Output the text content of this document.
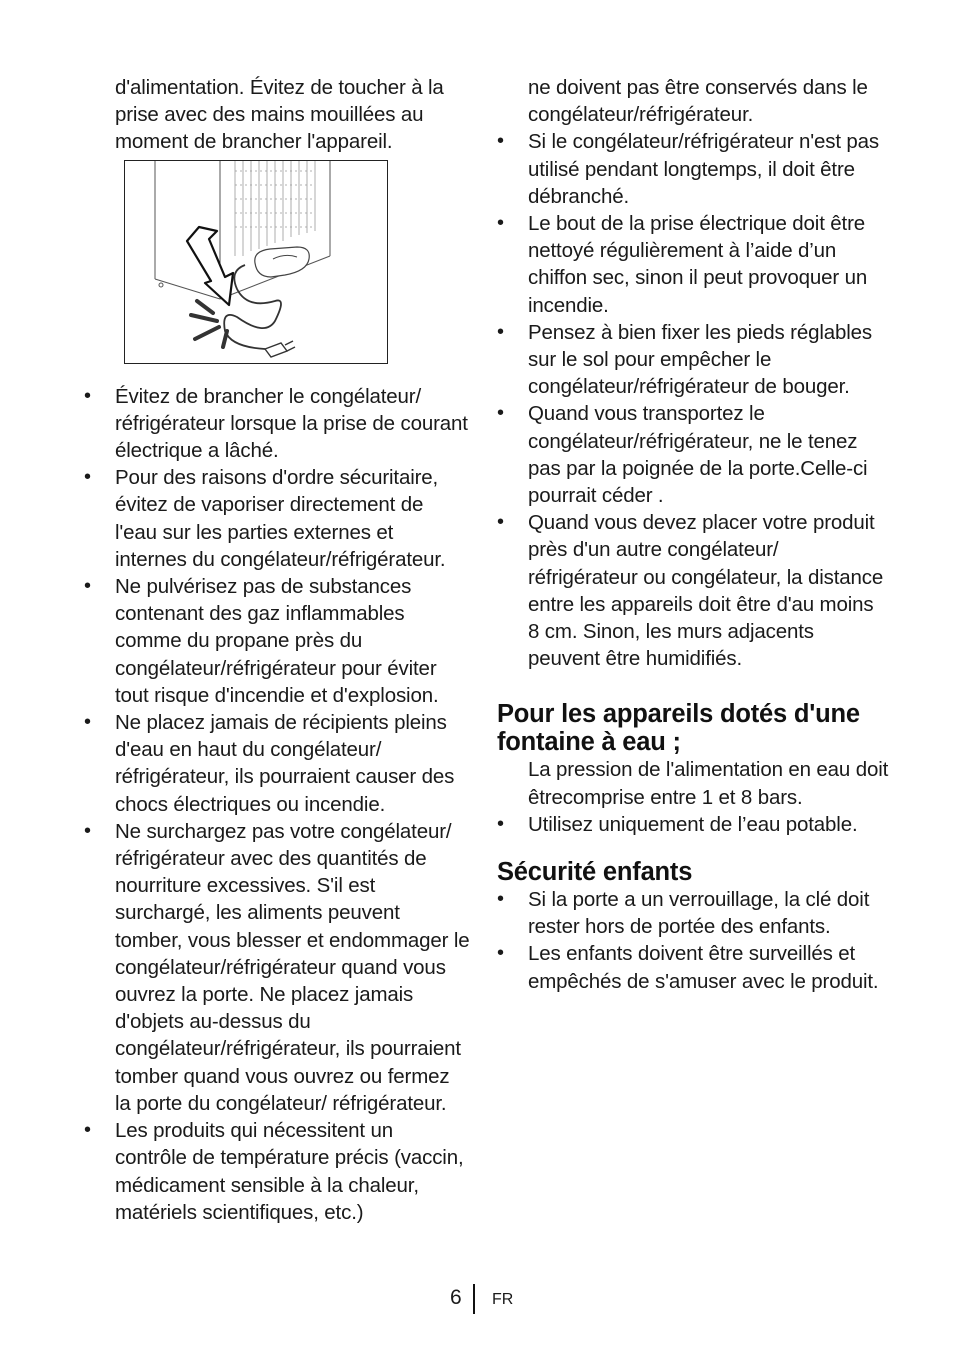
d'alimentation. Évitez de toucher à la prise avec des mains mouillées au moment de brancher l'appareil.

• Évitez de brancher le congélateur/ réfrigérateur lorsque la prise de courant électrique a lâché.
• Pour des raisons d'ordre sécuritaire, évitez de vaporiser directement de l'eau sur les parties externes et internes du congélateur/réfrigérateur.
• Ne pulvérisez pas de substances contenant des gaz inflammables comme du propane près du congélateur/réfrigérateur pour éviter tout risque d'incendie et d'explosion.
• Ne placez jamais de récipients pleins d'eau en haut du congélateur/ réfrigérateur, ils pourraient causer des chocs électriques ou incendie.
• Ne surchargez pas votre congélateur/ réfrigérateur avec des quantités de nourriture excessives. S'il est surchargé, les aliments peuvent tomber, vous blesser et endommager le congélateur/réfrigérateur quand vous ouvrez la porte. Ne placez jamais d'objets au-dessus du congélateur/réfrigérateur, ils pourraient tomber quand vous ouvrez ou fermez la porte du congélateur/ réfrigérateur.
• Les produits qui nécessitent un contrôle de température précis (vaccin, médicament sensible à la chaleur, matériels scientifiques, etc.)

ne doivent pas être conservés dans le congélateur/réfrigérateur.

• Si le congélateur/réfrigérateur n'est pas utilisé pendant longtemps, il doit être débranché.
• Le bout de la prise électrique doit être nettoyé régulièrement à l’aide d’un chiffon sec, sinon il peut provoquer un incendie.
• Pensez à bien fixer les pieds réglables sur le sol pour empêcher le congélateur/réfrigérateur de bouger.
• Quand vous transportez le congélateur/réfrigérateur, ne le tenez pas par la poignée de la porte.Celle-ci pourrait céder .
• Quand vous devez placer votre produit près d'un autre congélateur/ réfrigérateur ou congélateur, la distance entre les appareils doit être d'au moins 8 cm. Sinon, les murs adjacents peuvent être humidifiés.
Pour les appareils dotés d'une fontaine à eau ;

La pression de l'alimentation en eau doit êtrecomprise entre 1 et 8 bars.

• Utilisez uniquement de l’eau potable.
Sécurité enfants
• Si la porte a un verrouillage, la clé doit rester hors de portée des enfants.
• Les enfants doivent être surveillés et empêchés de s'amuser avec le produit.
6 FR
